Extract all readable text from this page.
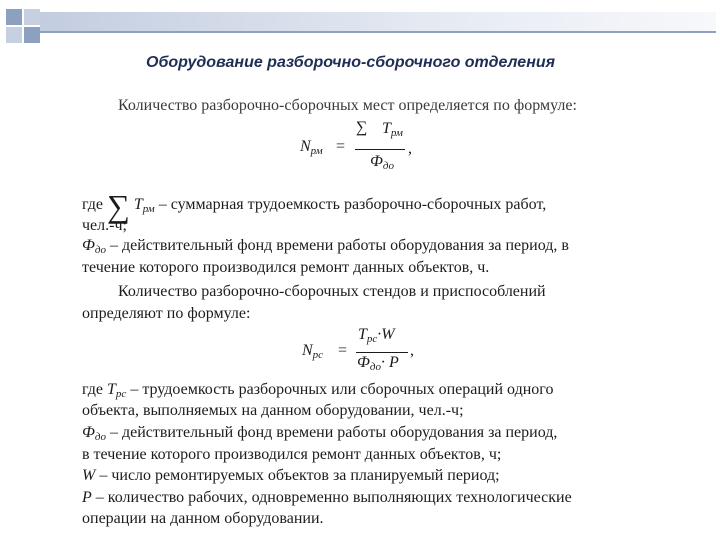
Оборудование разборочно-сборочного отделения
Количество разборочно-сборочных мест определяется по формуле:
$N_{рм}$ =
∑ $T_{рм}$
$Ф_{до}$
,
где ∑ $T_{рм}$ – суммарная трудоемкость разборочно-сборочных работ,
чел.-ч;
$Ф_{до}$ – действительный фонд времени работы оборудования за период, в
течение которого производился ремонт данных объектов, ч.
Количество разборочно-сборочных стендов и приспособлений
определяют по формуле:
$N_{рс}$ =
$T_{рс}\cdot W$
$Ф_{до}\cdot P$
,
где $T_{рс}$ – трудоемкость разборочных или сборочных операций одного
объекта, выполняемых на данном оборудовании, чел.-ч;
$Ф_{до}$ – действительный фонд времени работы оборудования за период,
в течение которого производился ремонт данных объектов, ч;
W – число ремонтируемых объектов за планируемый период;
P – количество рабочих, одновременно выполняющих технологические
операции на данном оборудовании.
